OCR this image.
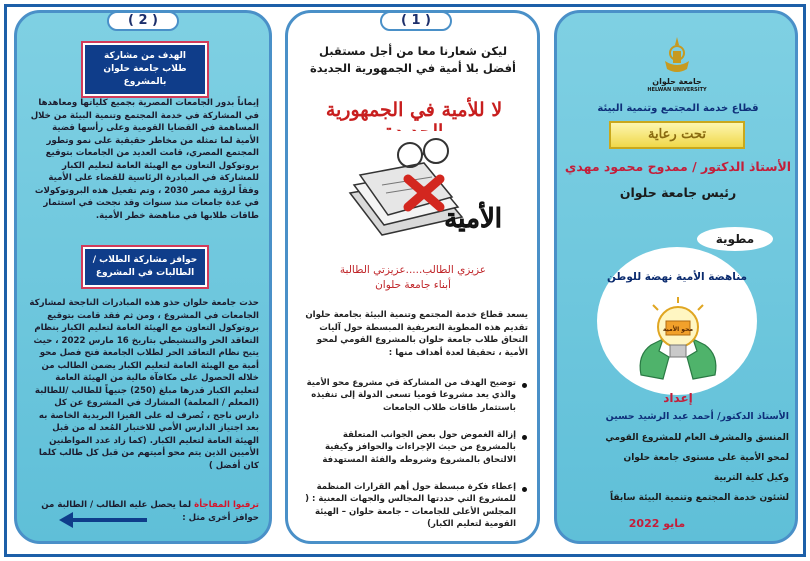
( 2 )
الهدف من مشاركة طلاب جامعة حلوان بالمشروع
إيماناً بدور الجامعات المصرية بجميع كلياتها ومعاهدها في المشاركة في خدمة المجتمع وتنمية البيئة من خلال المساهمة في القضايا القومية وعلى رأسها قضية الأمية لما تمثله من مخاطر حقيقية على نمو وتطور المجتمع المصري، قامت العديد من الجامعات بتوقيع بروتوكول التعاون مع الهيئة العامة لتعليم الكبار للمشاركة في المبادرة الرئاسية للقضاء على الأمية وفقاً لرؤية مصر 2030 ، وتم تفعيل هذه البروتوكولات في عدة جامعات منذ سنوات وقد نجحت في استثمار طاقات طلابها في مناهضة خطر الأمية.
حوافز مشاركة الطلاب / الطالبات في المشروع
حذت جامعة حلوان حذو هذه المبادرات الناجحة لمشاركة الجامعات في المشروع ، ومن ثم فقد قامت بتوقيع بروتوكول التعاون مع الهيئة العامة لتعليم الكبار بنظام التعاقد الحر والتنشيطي بتاريخ 16 مارس 2022 ، حيث يتيح نظام التعاقد الحر لطلاب الجامعة فتح فصل محو أمية مع الهيئة العامة لتعليم الكبار يضمن الطالب من خلاله الحصول على مكافآة مالية من الهيئة العامة لتعليم الكبار قدرها مبلغ (250) جنيهاً للطالب /للطالبة (المعلم / المعلمة) المشارك في المشروع عن كل دارس ناجح ، تُصرف له على الفيزا البريدية الخاصة به بعد اجتياز الدارس الأمي للاختبار المُعد له من قبل الهيئة العامة لتعليم الكبار. (كما زاد عدد المواطنين الأميين الذين يتم محو أميتهم من قبل كل طالب كلما كان أفضل )
ترقبوا المفاجأة لما يحصل عليه الطالب / الطالبة من حوافز أخرى مثل :
( 1 )
ليكن شعارنا معا من أجل مستقبل أفضل بلا أمية في الجمهورية الجديدة
لا للأمية في الجمهورية
الأمية
عزيزي الطالب.....عزيزتي الطالبة
أبناء جامعة حلوان
يسعد قطاع خدمة المجتمع وتنمية البيئة بجامعة حلوان تقديم هذه المطوية التعريفية المبسطة حول آليات التحاق طلاب جامعة حلوان بالمشروع القومي لمحو الأمية ، تحقيقا لعدة أهداف منها :
توضيح الهدف من المشاركة في مشروع محو الأمية والذي يعد مشروعا قوميا تسعى الدولة إلى تنفيذه باستثمار طاقات طلاب الجامعات
إزالة الغموض حول بعض الجوانب المتعلقة بالمشروع من حيث الإجراءات والحوافز وكيفية الالتحاق بالمشروع وشروطه والفئة المستهدفة
إعطاء فكرة مبسطة حول أهم القرارات المنظمة للمشروع التي حددتها المجالس والجهات المعنية : ( المجلس الأعلى للجامعات – جامعة حلوان – الهيئة القومية لتعليم الكبار)
جامعة حلوان
HELWAN UNIVERSITY
قطاع خدمة المجتمع وتنمية البيئة
تحت رعاية
الأستاذ الدكتور / ممدوح محمود مهدي
رئيس جامعة حلوان
مطوية
مناهضة الأمية نهضة للوطن
محو الأمية
إعداد
الأستاذ الدكتور/ أحمد عبد الرشيد حسين
المنسق والمشرف العام للمشروع القومي
لمحو الأمية على مستوى جامعة حلوان
وكيل كلية التربية
لشئون خدمة المجتمع وتنمية البيئة سابقاً
مايو 2022
